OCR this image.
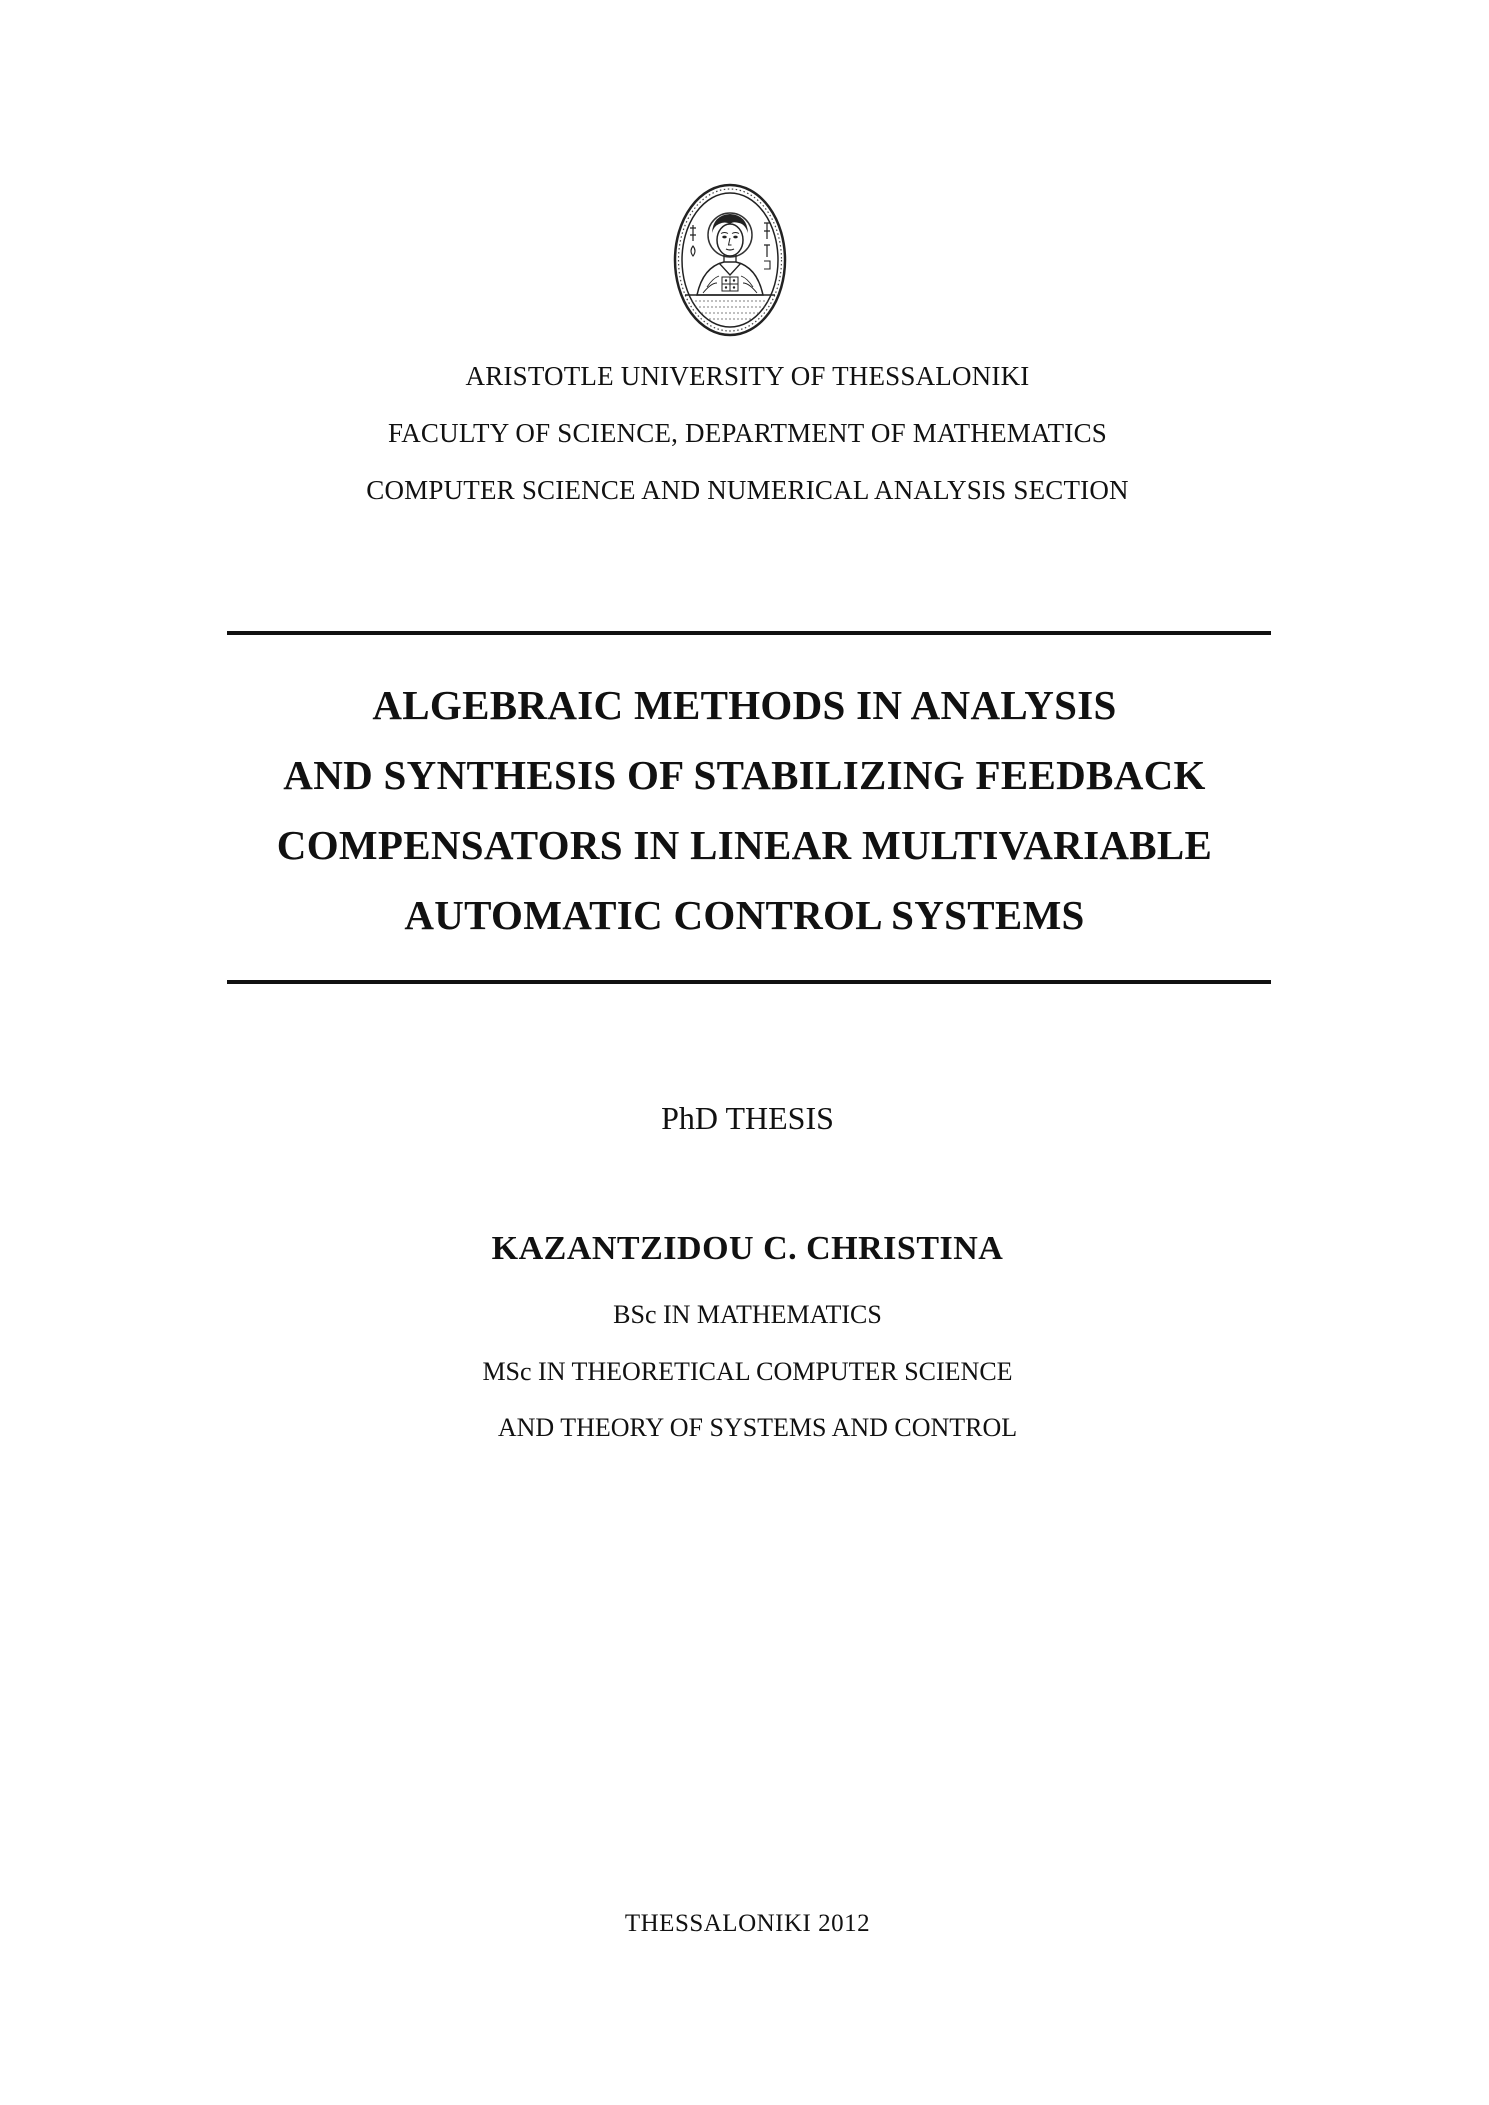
ARISTOTLE UNIVERSITY OF THESSALONIKI
FACULTY OF SCIENCE, DEPARTMENT OF MATHEMATICS
COMPUTER SCIENCE AND NUMERICAL ANALYSIS SECTION
ALGEBRAIC METHODS IN ANALYSIS
AND SYNTHESIS OF STABILIZING FEEDBACK
COMPENSATORS IN LINEAR MULTIVARIABLE
AUTOMATIC CONTROL SYSTEMS
PhD THESIS
KAZANTZIDOU C. CHRISTINA
BSc IN MATHEMATICS
MSc IN THEORETICAL COMPUTER SCIENCE
AND THEORY OF SYSTEMS AND CONTROL
THESSALONIKI 2012
